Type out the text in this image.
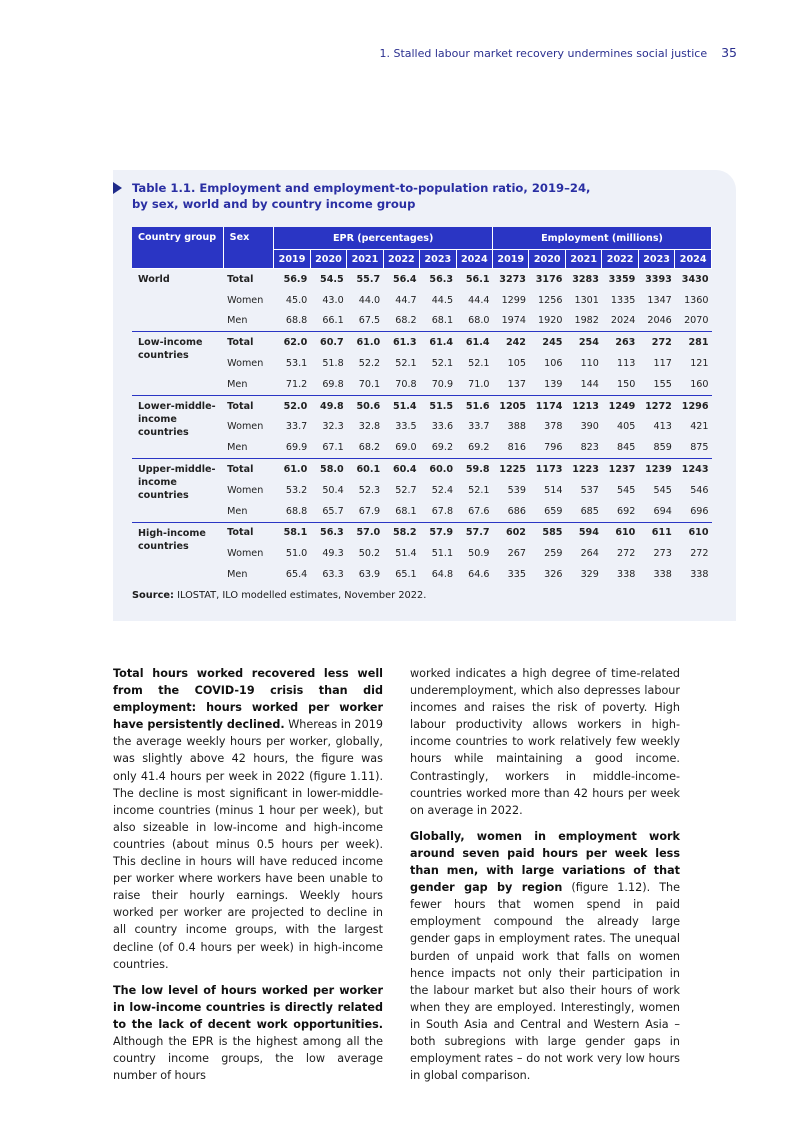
1. Stalled labour market recovery undermines social justice 35
Table 1.1. Employment and employment-to-population ratio, 2019–24,
by sex, world and by country income group
Country group	Sex	EPR (percentages)						Employment (millions)					
		2019	2020	2021	2022	2023	2024	2019	2020	2021	2022	2023	2024
World	Total	56.9	54.5	55.7	56.4	56.3	56.1	3273	3176	3283	3359	3393	3430
	Women	45.0	43.0	44.0	44.7	44.5	44.4	1299	1256	1301	1335	1347	1360
	Men	68.8	66.1	67.5	68.2	68.1	68.0	1974	1920	1982	2024	2046	2070
Low-income countries	Total	62.0	60.7	61.0	61.3	61.4	61.4	242	245	254	263	272	281
	Women	53.1	51.8	52.2	52.1	52.1	52.1	105	106	110	113	117	121
	Men	71.2	69.8	70.1	70.8	70.9	71.0	137	139	144	150	155	160
Lower-middle-income countries	Total	52.0	49.8	50.6	51.4	51.5	51.6	1205	1174	1213	1249	1272	1296
	Women	33.7	32.3	32.8	33.5	33.6	33.7	388	378	390	405	413	421
	Men	69.9	67.1	68.2	69.0	69.2	69.2	816	796	823	845	859	875
Upper-middle-income countries	Total	61.0	58.0	60.1	60.4	60.0	59.8	1225	1173	1223	1237	1239	1243
	Women	53.2	50.4	52.3	52.7	52.4	52.1	539	514	537	545	545	546
	Men	68.8	65.7	67.9	68.1	67.8	67.6	686	659	685	692	694	696
High-income countries	Total	58.1	56.3	57.0	58.2	57.9	57.7	602	585	594	610	611	610
	Women	51.0	49.3	50.2	51.4	51.1	50.9	267	259	264	272	273	272
	Men	65.4	63.3	63.9	65.1	64.8	64.6	335	326	329	338	338	338
Source: ILOSTAT, ILO modelled estimates, November 2022.

Total hours worked recovered less well from the COVID-19 crisis than did employment: hours worked per worker have persistently declined. Whereas in 2019 the average weekly hours per worker, globally, was slightly above 42 hours, the figure was only 41.4 hours per week in 2022 (figure 1.11). The decline is most significant in lower-middle-income countries (minus 1 hour per week), but also sizeable in low-income and high-income countries (about minus 0.5 hours per week). This decline in hours will have reduced income per worker where workers have been unable to raise their hourly earnings. Weekly hours worked per worker are projected to decline in all country income groups, with the largest decline (of 0.4 hours per week) in high-income countries.

The low level of hours worked per worker in low-income countries is directly related to the lack of decent work opportunities. Although the EPR is the highest among all the country income groups, the low average number of hours

worked indicates a high degree of time-related underemployment, which also depresses labour incomes and raises the risk of poverty. High labour productivity allows workers in high-income countries to work relatively few weekly hours while maintaining a good income. Contrastingly, workers in middle-income-countries worked more than 42 hours per week on average in 2022.

Globally, women in employment work around seven paid hours per week less than men, with large variations of that gender gap by region (figure 1.12). The fewer hours that women spend in paid employment compound the already large gender gaps in employment rates. The unequal burden of unpaid work that falls on women hence impacts not only their participation in the labour market but also their hours of work when they are employed. Interestingly, women in South Asia and Central and Western Asia – both subregions with large gender gaps in employment rates – do not work very low hours in global comparison.
